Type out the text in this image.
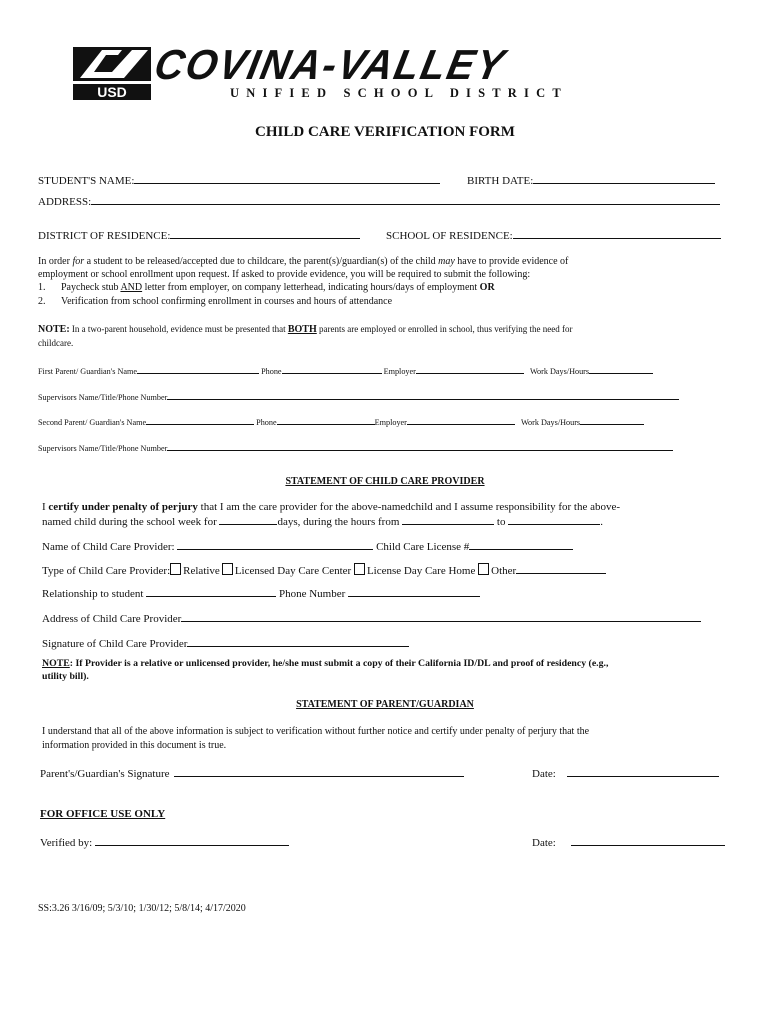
USD
COVINA-VALLEY
UNIFIED SCHOOL DISTRICT
CHILD CARE VERIFICATION FORM
STUDENT'S NAME:	BIRTH DATE:
ADDRESS:
DISTRICT OF RESIDENCE:	SCHOOL OF RESIDENCE:
In order for a student to be released/accepted due to childcare, the parent(s)/guardian(s) of the child may have to provide evidence of
employment or school enrollment upon request. If asked to provide evidence, you will be required to submit the following:
1. Paycheck stub AND letter from employer, on company letterhead, indicating hours/days of employment OR
2. Verification from school confirming enrollment in courses and hours of attendance
NOTE: In a two-parent household, evidence must be presented that BOTH parents are employed or enrolled in school, thus verifying the need for
childcare.
First Parent/ Guardian's Name	Phone	Employer	Work Days/Hours
Supervisors Name/Title/Phone Number
Second Parent/ Guardian's Name	Phone	Employer	Work Days/Hours
Supervisors Name/Title/Phone Number
STATEMENT OF CHILD CARE PROVIDER
I certify under penalty of perjury that I am the care provider for the above-namedchild and I assume responsibility for the above-
named child during the school week for	days, during the hours from	to	.
Name of Child Care Provider:	Child Care License #
Type of Child Care Provider: Relative Licensed Day Care Center License Day Care Home Other
Relationship to student	Phone Number
Address of Child Care Provider
Signature of Child Care Provider
NOTE: If Provider is a relative or unlicensed provider, he/she must submit a copy of their California ID/DL and proof of residency (e.g.,
utility bill).
STATEMENT OF PARENT/GUARDIAN
I understand that all of the above information is subject to verification without further notice and certify under penalty of perjury that the
information provided in this document is true.
Parent's/Guardian's Signature	Date:
FOR OFFICE USE ONLY
Verified by:	Date:
SS:3.26 3/16/09; 5/3/10; 1/30/12; 5/8/14; 4/17/2020
